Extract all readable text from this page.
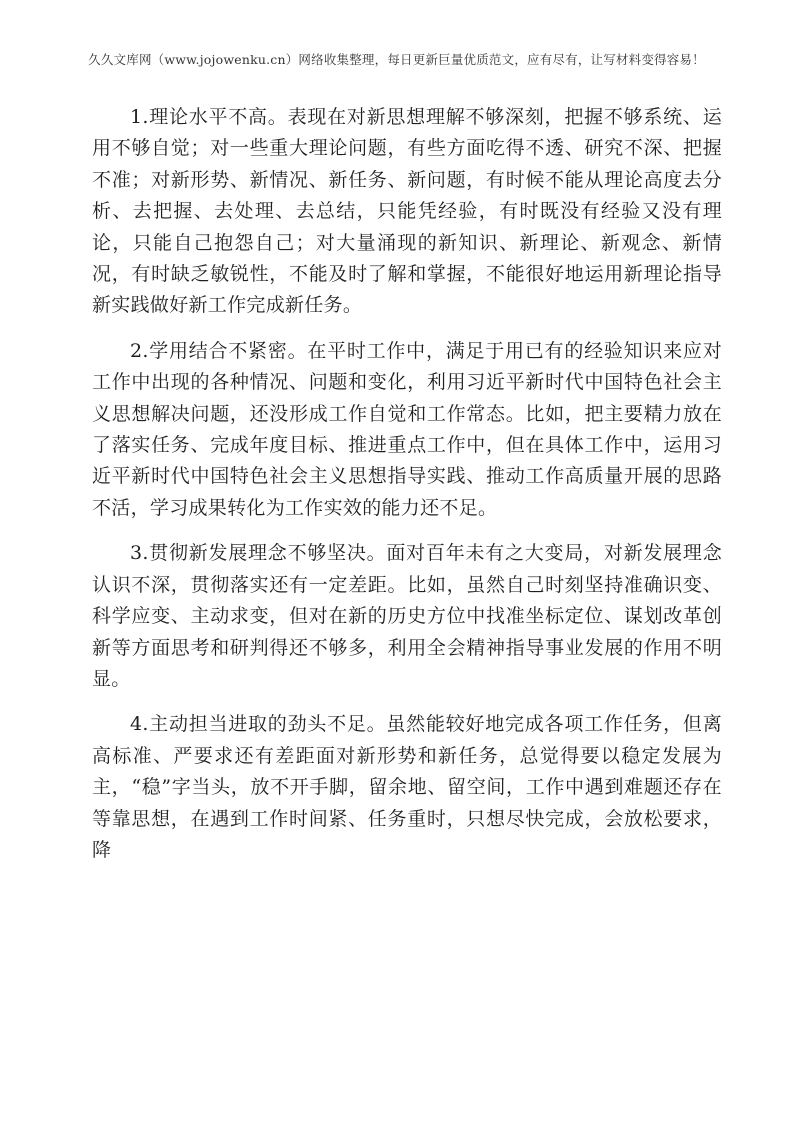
久久文库网（www.jojowenku.cn）网络收集整理，每日更新巨量优质范文，应有尽有，让写材料变得容易！

1.理论水平不高。表现在对新思想理解不够深刻，把握不够系统、运用不够自觉；对一些重大理论问题，有些方面吃得不透、研究不深、把握不准；对新形势、新情况、新任务、新问题，有时候不能从理论高度去分析、去把握、去处理、去总结，只能凭经验，有时既没有经验又没有理论，只能自己抱怨自己；对大量涌现的新知识、新理论、新观念、新情况，有时缺乏敏锐性，不能及时了解和掌握，不能很好地运用新理论指导新实践做好新工作完成新任务。

2.学用结合不紧密。在平时工作中，满足于用已有的经验知识来应对工作中出现的各种情况、问题和变化，利用习近平新时代中国特色社会主义思想解决问题，还没形成工作自觉和工作常态。比如，把主要精力放在了落实任务、完成年度目标、推进重点工作中，但在具体工作中，运用习近平新时代中国特色社会主义思想指导实践、推动工作高质量开展的思路不活，学习成果转化为工作实效的能力还不足。

3.贯彻新发展理念不够坚决。面对百年未有之大变局，对新发展理念认识不深，贯彻落实还有一定差距。比如，虽然自己时刻坚持准确识变、科学应变、主动求变，但对在新的历史方位中找准坐标定位、谋划改革创新等方面思考和研判得还不够多，利用全会精神指导事业发展的作用不明显。

4.主动担当进取的劲头不足。虽然能较好地完成各项工作任务，但离高标准、严要求还有差距面对新形势和新任务，总觉得要以稳定发展为主，“稳”字当头，放不开手脚，留余地、留空间，工作中遇到难题还存在等靠思想，在遇到工作时间紧、任务重时，只想尽快完成，会放松要求，降
